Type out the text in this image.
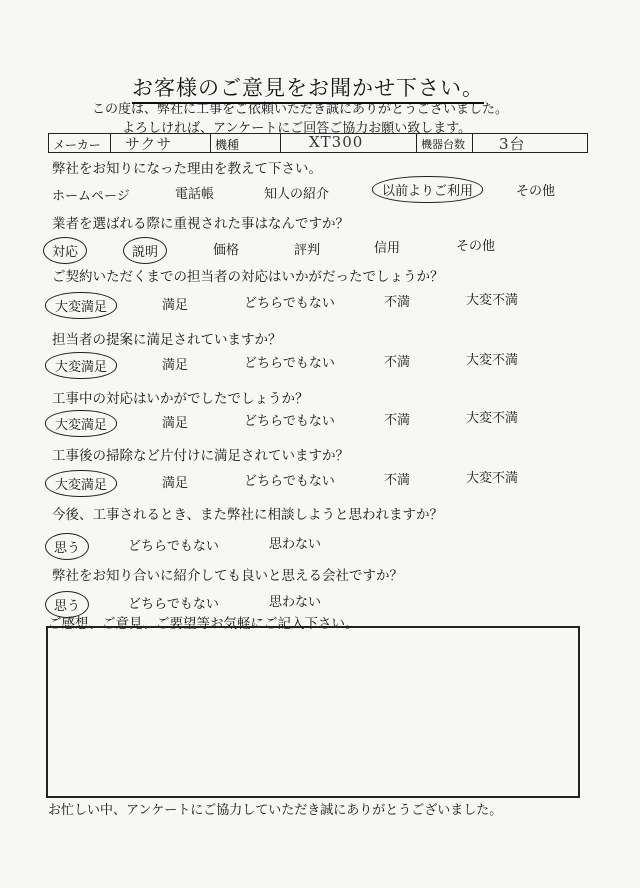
お客様のご意見をお聞かせ下さい。
この度は、弊社に工事をご依頼いただき誠にありがとうございました。
よろしければ、アンケートにご回答ご協力お願い致します。
メーカー サクサ	機種	XT300	機器台数 3台
弊社をお知りになった理由を教えて下さい。
ホームページ	電話帳	知人の紹介	以前よりご利用	その他
業者を選ばれる際に重視された事はなんですか？
対応	説明	価格	評判	信用	その他
ご契約いただくまでの担当者の対応はいかがだったでしょうか？
大変満足	満足	どちらでもない	不満	大変不満
担当者の提案に満足されていますか？
大変満足	満足	どちらでもない	不満	大変不満
工事中の対応はいかがでしたでしょうか？
大変満足	満足	どちらでもない	不満	大変不満
工事後の掃除など片付けに満足されていますか？
大変満足	満足	どちらでもない	不満	大変不満
今後、工事されるとき、また弊社に相談しようと思われますか？
思う	どちらでもない	思わない
弊社をお知り合いに紹介しても良いと思える会社ですか？
思う	どちらでもない	思わない
ご感想、ご意見、ご要望等お気軽にご記入下さい。
お忙しい中、アンケートにご協力していただき誠にありがとうございました。
